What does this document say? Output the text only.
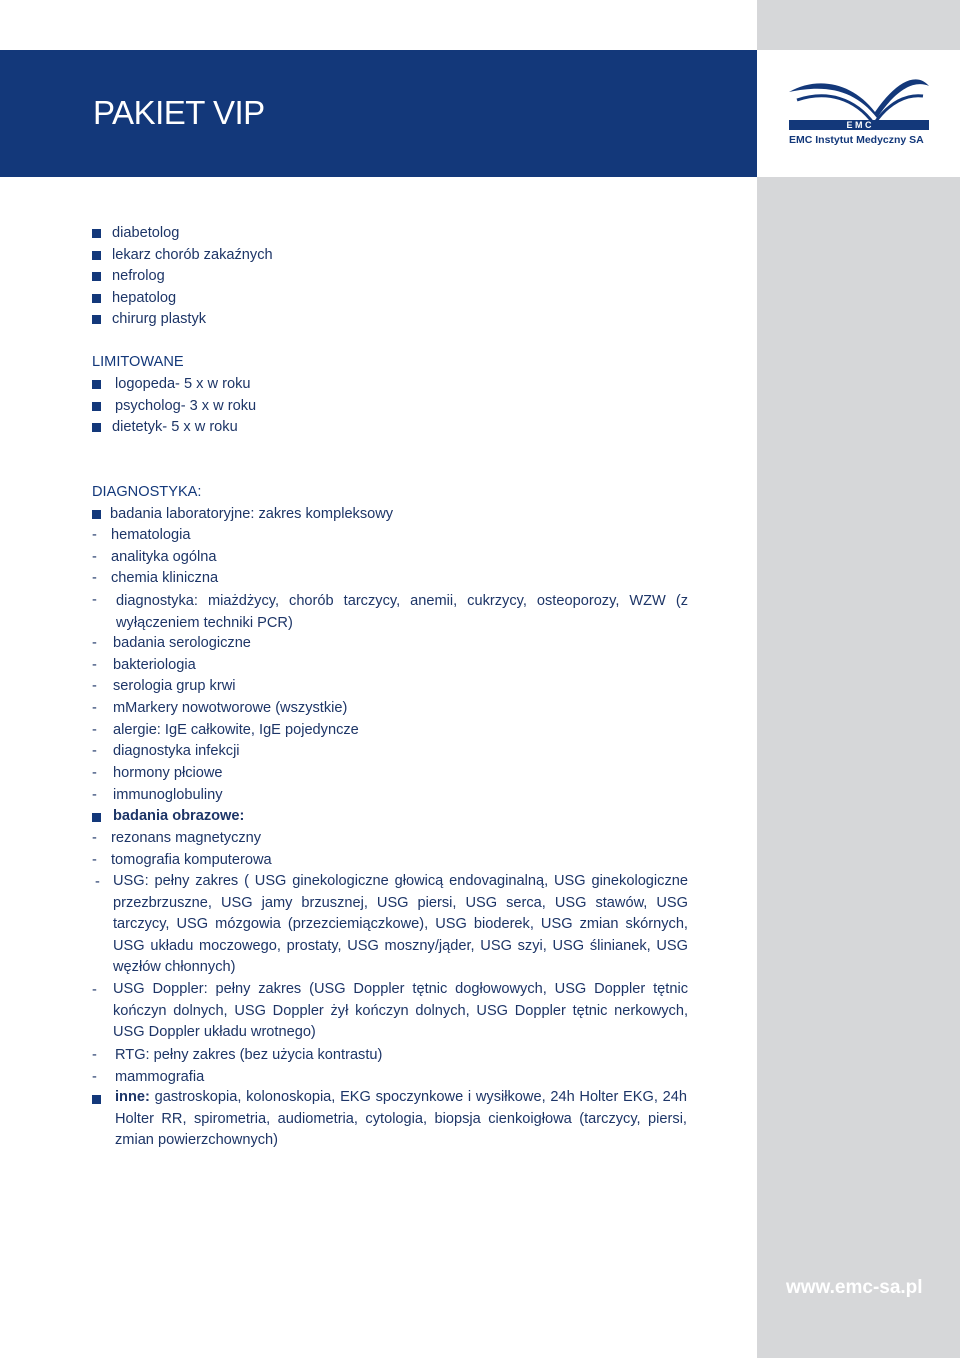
PAKIET VIP	E M C
EMC Instytut Medyczny SA
diabetolog
lekarz chorób zakaźnych
nefrolog
hepatolog
chirurg plastyk
LIMITOWANE
logopeda- 5 x w roku
psycholog- 3 x w roku
dietetyk- 5 x w roku
DIAGNOSTYKA:
badania laboratoryjne: zakres kompleksowy
- hematologia
- analityka ogólna
- chemia kliniczna
- diagnostyka: miażdżycy, chorób tarczycy, anemii, cukrzycy, osteoporozy, WZW (z wyłączeniem techniki PCR)
- badania serologiczne
- bakteriologia
- serologia grup krwi
- mMarkery nowotworowe (wszystkie)
- alergie: IgE całkowite, IgE pojedyncze
- diagnostyka infekcji
- hormony płciowe
- immunoglobuliny
badania obrazowe:
- rezonans magnetyczny
- tomografia komputerowa
- USG: pełny zakres ( USG ginekologiczne głowicą endovaginalną, USG ginekologiczne przezbrzuszne, USG jamy brzusznej, USG piersi, USG serca, USG stawów, USG tarczycy, USG mózgowia (przezciemiączkowe), USG bioderek, USG zmian skórnych, USG układu moczowego, prostaty, USG moszny/jąder, USG szyi, USG ślinianek, USG węzłów chłonnych)
- USG Doppler: pełny zakres (USG Doppler tętnic dogłowowych, USG Doppler tętnic kończyn dolnych, USG Doppler żył kończyn dolnych, USG Doppler tętnic nerkowych, USG Doppler układu wrotnego)
- RTG: pełny zakres (bez użycia kontrastu)
- mammografia
inne: gastroskopia, kolonoskopia, EKG spoczynkowe i wysiłkowe, 24h Holter EKG, 24h Holter RR, spirometria, audiometria, cytologia, biopsja cienkoigłowa (tarczycy, piersi, zmian powierzchownych)
www.emc-sa.pl
